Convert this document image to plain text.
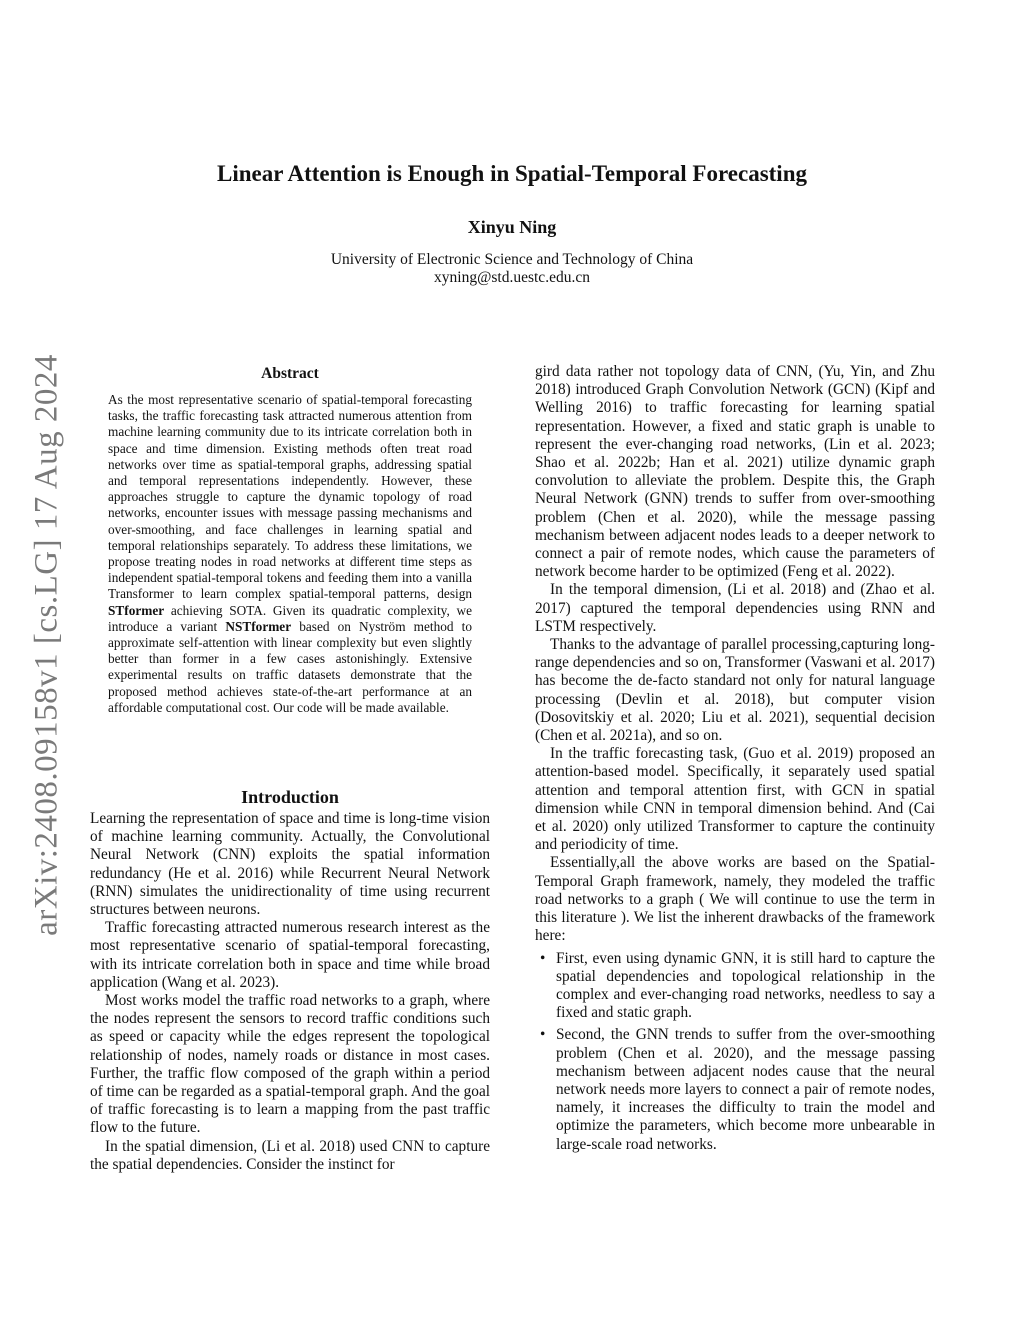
Linear Attention is Enough in Spatial-Temporal Forecasting
Xinyu Ning
University of Electronic Science and Technology of China
xyning@std.uestc.edu.cn
arXiv:2408.09158v1 [cs.LG] 17 Aug 2024	Abstract
As the most representative scenario of spatial-temporal forecasting tasks, the traffic forecasting task attracted numerous attention from machine learning community due to its intricate correlation both in space and time dimension. Existing methods often treat road networks over time as spatial-temporal graphs, addressing spatial and temporal representations independently. However, these approaches struggle to capture the dynamic topology of road networks, encounter issues with message passing mechanisms and over-smoothing, and face challenges in learning spatial and temporal relationships separately. To address these limitations, we propose treating nodes in road networks at different time steps as independent spatial-temporal tokens and feeding them into a vanilla Transformer to learn complex spatial-temporal patterns, design STformer achieving SOTA. Given its quadratic complexity, we introduce a variant NSTformer based on Nyström method to approximate self-attention with linear complexity but even slightly better than former in a few cases astonishingly. Extensive experimental results on traffic datasets demonstrate that the proposed method achieves state-of-the-art performance at an affordable computational cost. Our code will be made available.
Introduction

Learning the representation of space and time is long-time vision of machine learning community. Actually, the Convolutional Neural Network (CNN) exploits the spatial information redundancy (He et al. 2016) while Recurrent Neural Network (RNN) simulates the unidirectionality of time using recurrent structures between neurons.

Traffic forecasting attracted numerous research interest as the most representative scenario of spatial-temporal forecasting, with its intricate correlation both in space and time while broad application (Wang et al. 2023).

Most works model the traffic road networks to a graph, where the nodes represent the sensors to record traffic conditions such as speed or capacity while the edges represent the topological relationship of nodes, namely roads or distance in most cases. Further, the traffic flow composed of the graph within a period of time can be regarded as a spatial-temporal graph. And the goal of traffic forecasting is to learn a mapping from the past traffic flow to the future.

In the spatial dimension, (Li et al. 2018) used CNN to capture the spatial dependencies. Consider the instinct for

gird data rather not topology data of CNN, (Yu, Yin, and Zhu 2018) introduced Graph Convolution Network (GCN) (Kipf and Welling 2016) to traffic forecasting for learning spatial representation. However, a fixed and static graph is unable to represent the ever-changing road networks, (Lin et al. 2023; Shao et al. 2022b; Han et al. 2021) utilize dynamic graph convolution to alleviate the problem. Despite this, the Graph Neural Network (GNN) trends to suffer from over-smoothing problem (Chen et al. 2020), while the message passing mechanism between adjacent nodes leads to a deeper network to connect a pair of remote nodes, which cause the parameters of network become harder to be optimized (Feng et al. 2022).

In the temporal dimension, (Li et al. 2018) and (Zhao et al. 2017) captured the temporal dependencies using RNN and LSTM respectively.

Thanks to the advantage of parallel processing,capturing long-range dependencies and so on, Transformer (Vaswani et al. 2017) has become the de-facto standard not only for natural language processing (Devlin et al. 2018), but computer vision (Dosovitskiy et al. 2020; Liu et al. 2021), sequential decision (Chen et al. 2021a), and so on.

In the traffic forecasting task, (Guo et al. 2019) proposed an attention-based model. Specifically, it separately used spatial attention and temporal attention first, with GCN in spatial dimension while CNN in temporal dimension behind. And (Cai et al. 2020) only utilized Transformer to capture the continuity and periodicity of time.

Essentially,all the above works are based on the Spatial-Temporal Graph framework, namely, they modeled the traffic road networks to a graph ( We will continue to use the term in this literature ). We list the inherent drawbacks of the framework here:

• First, even using dynamic GNN, it is still hard to capture the spatial dependencies and topological relationship in the complex and ever-changing road networks, needless to say a fixed and static graph.
• Second, the GNN trends to suffer from the over-smoothing problem (Chen et al. 2020), and the message passing mechanism between adjacent nodes cause that the neural network needs more layers to connect a pair of remote nodes, namely, it increases the difficulty to train the model and optimize the parameters, which become more unbearable in large-scale road networks.
